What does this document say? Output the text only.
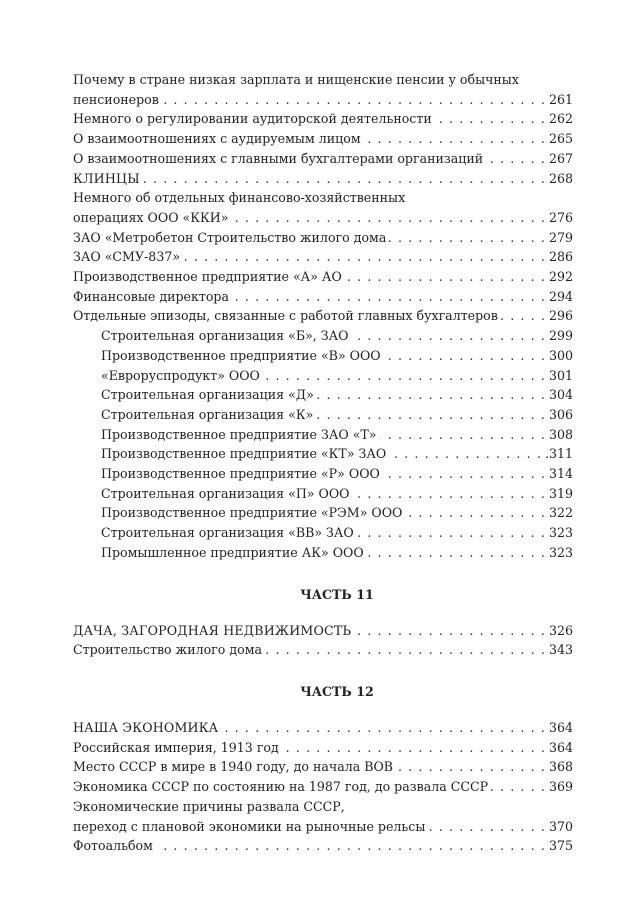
Почему в стране низкая зарплата и нищенские пенсии у обычных
пенсионеров . . .	261
Немного о регулировании аудиторской деятельности . . .	262
О взаимоотношениях с аудируемым лицом . . .	265
О взаимоотношениях с главными бухгалтерами организаций . . .	267
КЛИНЦЫ . . .	268
Немного об отдельных финансово-хозяйственных
операциях ООО «ККИ» . . .	276
ЗАО «Метробетон Строительство жилого дома . . .	279
ЗАО «СМУ-837» . . .	286
Производственное предприятие «А» АО . . .	292
Финансовые директора . . .	294
Отдельные эпизоды, связанные с работой главных бухгалтеров . . .	296
Строительная организация «Б», ЗАО . . .	299
Производственное предприятие «В» ООО . . .	300
«Евроруспродукт» ООО . . .	301
Строительная организация «Д» . . .	304
Строительная организация «К» . . .	306
Производственное предприятие ЗАО «Т» . . .	308
Производственное предприятие «КТ» ЗАО . . .	.311
Производственное предприятие «Р» ООО . . .	314
Строительная организация «П» ООО . . .	319
Производственное предприятие «РЭМ» ООО . . .	322
Строительная организация «ВВ» ЗАО . . .	323
Промышленное предприятие АК» ООО . . .	323
ЧАСТЬ 11
ДАЧА, ЗАГОРОДНАЯ НЕДВИЖИМОСТЬ . . .	326
Строительство жилого дома . . .	343
ЧАСТЬ 12
НАША ЭКОНОМИКА . . .	364
Российская империя, 1913 год . . .	364
Место СССР в мире в 1940 году, до начала ВОВ . . .	368
Экономика СССР по состоянию на 1987 год, до развала СССР . . .	369
Экономические причины развала СССР,
переход с плановой экономики на рыночные рельсы . . .	370
Фотоальбом . . .	375
